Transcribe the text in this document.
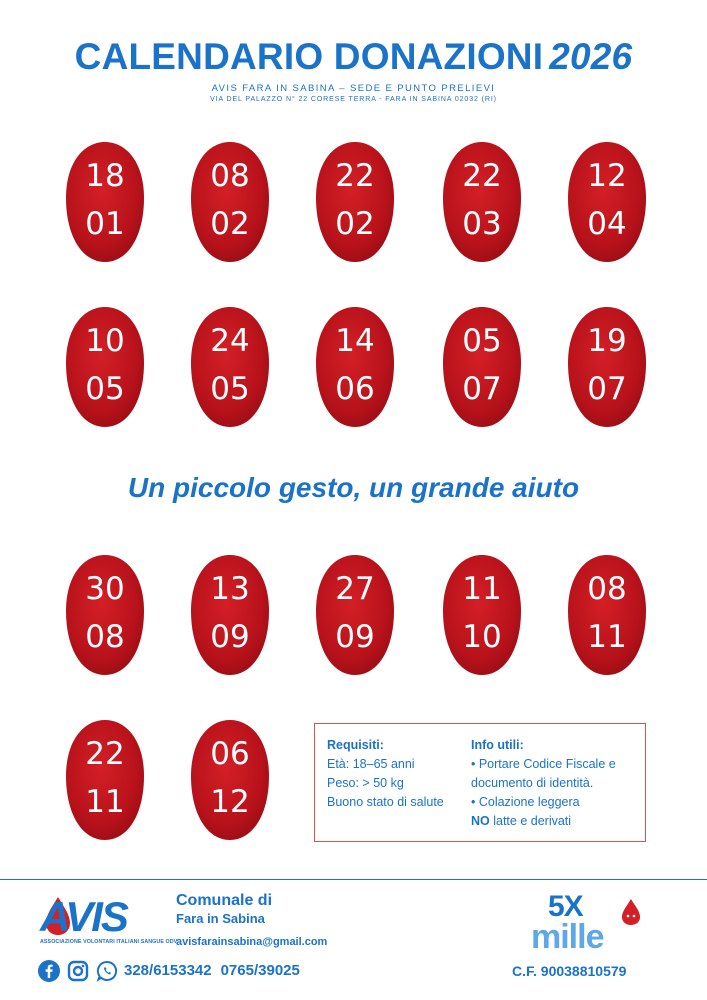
CALENDARIO DONAZIONI 2026
AVIS FARA IN SABINA – SEDE E PUNTO PRELIEVI
VIA DEL PALAZZO N° 22 CORESE TERRA - FARA IN SABINA 02032 (RI)
18
01
08
02
22
02
22
03
12
04
10
05
24
05
14
06
05
07
19
07
Un piccolo gesto, un grande aiuto
30
08
13
09
27
09
11
10
08
11
22
11
06
12
Requisiti:
Età: 18–65 anni
Peso: > 50 kg
Buono stato di salute
Info utili:
• Portare Codice Fiscale e
documento di identità.
• Colazione leggera
NO latte e derivati
AVIS
ASSOCIAZIONE VOLONTARI ITALIANI SANGUE ODV
Comunale di
Fara in Sabina
avisfarainsabina@gmail.com
328/6153342 0765/39025
5X
mille
C.F. 90038810579
